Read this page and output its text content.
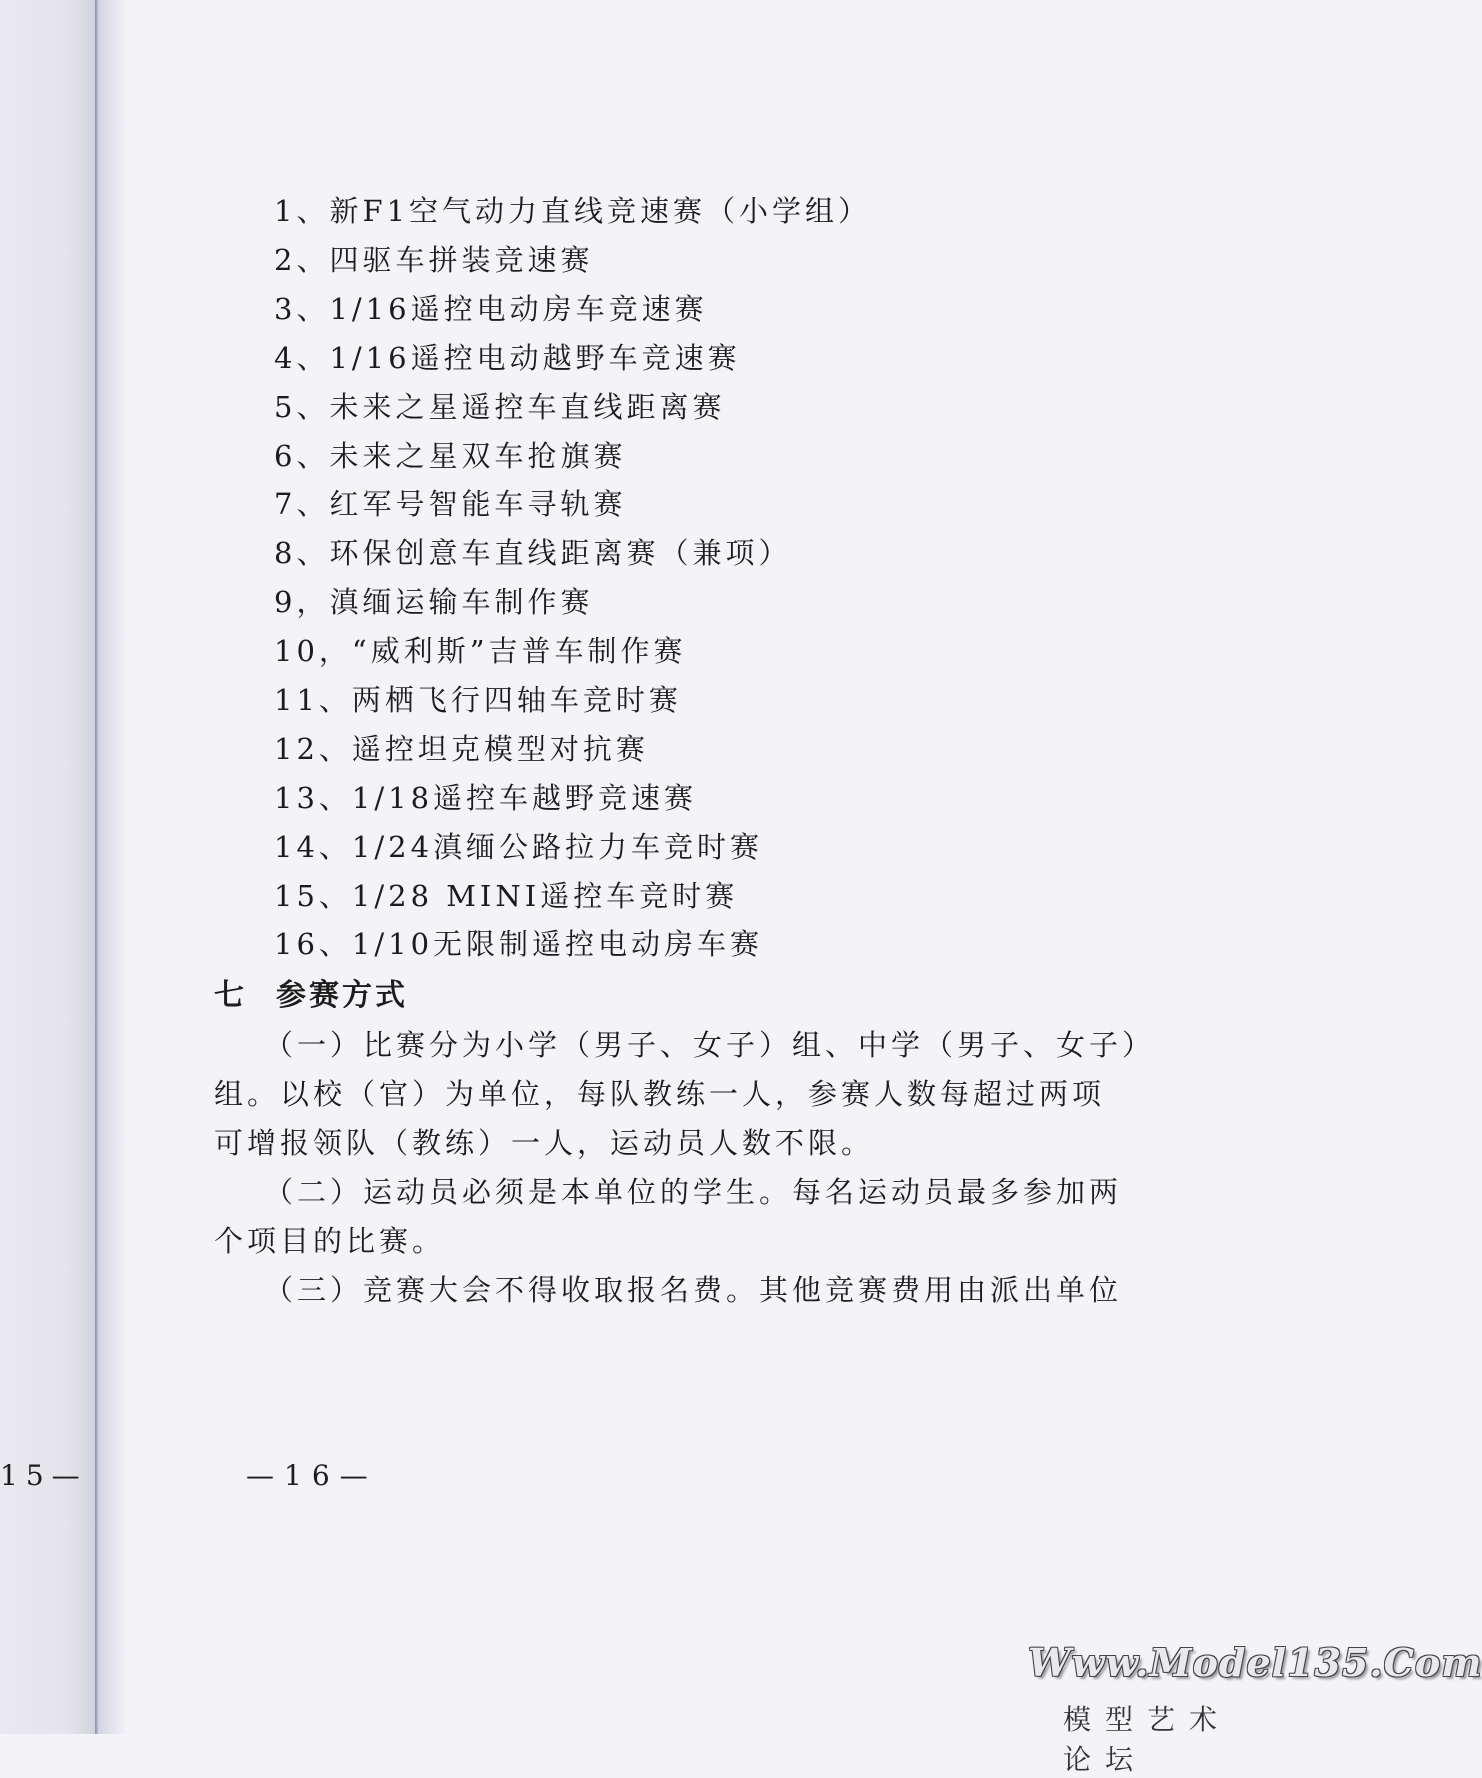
15—
1、新F1空气动力直线竞速赛（小学组）
2、四驱车拼装竞速赛
3、1/16遥控电动房车竞速赛
4、1/16遥控电动越野车竞速赛
5、未来之星遥控车直线距离赛
6、未来之星双车抢旗赛
7、红军号智能车寻轨赛
8、环保创意车直线距离赛（兼项）
9，滇缅运输车制作赛
10，“威利斯”吉普车制作赛
11、两栖飞行四轴车竞时赛
12、遥控坦克模型对抗赛
13、1/18遥控车越野竞速赛
14、1/24滇缅公路拉力车竞时赛
15、1/28 MINI遥控车竞时赛
16、1/10无限制遥控电动房车赛
七 参赛方式
（一）比赛分为小学（男子、女子）组、中学（男子、女子）
组。以校（官）为单位，每队教练一人，参赛人数每超过两项
可增报领队（教练）一人，运动员人数不限。
（二）运动员必须是本单位的学生。每名运动员最多参加两
个项目的比赛。
（三）竞赛大会不得收取报名费。其他竞赛费用由派出单位
—16—
Www.Model135.Com
模型艺术论坛
